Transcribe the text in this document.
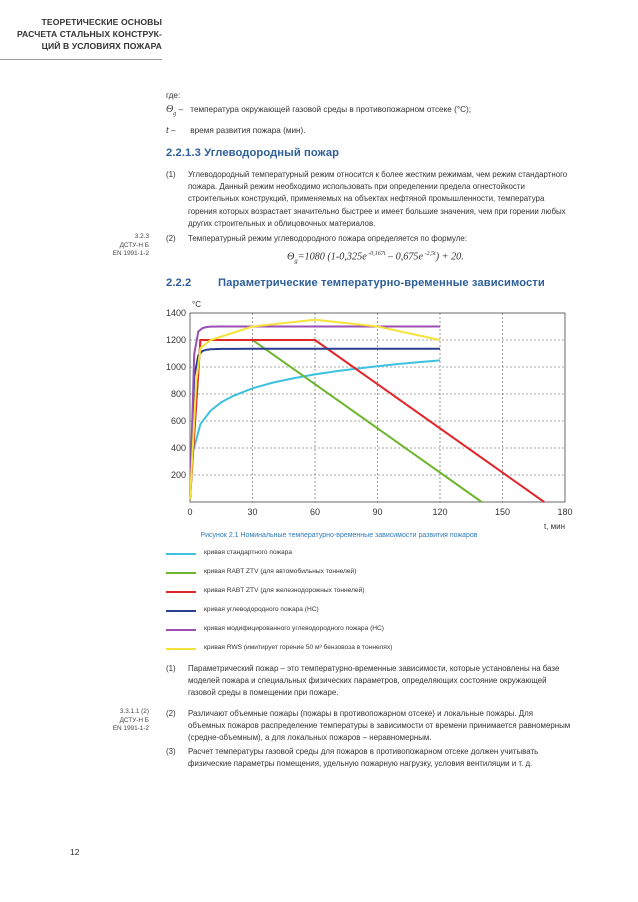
ТЕОРЕТИЧЕСКИЕ ОСНОВЫ
РАСЧЕТА СТАЛЬНЫХ КОНСТРУК-
ЦИЙ В УСЛОВИЯХ ПОЖАРА
где:
$\Theta_g$ – температура окружающей газовой среды в противопожарном отсеке (°С);
t – время развития пожара (мин).
2.2.1.3 Углеводородный пожар
(1) Углеводородный температурный режим относится к более жестким режимам, чем режим стандартного пожара. Данный режим необходимо использовать при определении предела огнестойкости строительных конструкций, применяемых на объектах нефтяной промышленности, температура горения которых возрастает значительно быстрее и имеет большие значения, чем при горении любых других строительных и облицовочных материалов.
3.2.3
ДСТУ-Н Б
EN 1991-1-2
(2) Температурный режим углеводородного пожара определяется по формуле:
$\Theta_g=1080$ (1-0,325e $^{-0,167t}$ – 0,675e $^{-2,5t}$) + 20.
2.2.2 Параметрические температурно-временные зависимости
0	30	60	90	120	150	180
200
400
600
800
1000
1200
1400
°C
t, мин
Рисунок 2.1 Номинальные температурно-временные зависимости развития пожаров
кривая стандартного пожара
кривая RABT ZTV (для автомобильных тоннелей)
кривая RABT ZTV (для железнодорожных тоннелей)
кривая углеводородного пожара (НС)
кривая модифицированного углеводородного пожара (НС)
кривая RWS (имитирует горение 50 м³ бензовоза в тоннелях)
(1) Параметрический пожар – это температурно-временные зависимости, которые установлены на базе моделей пожара и специальных физических параметров, определяющих состояние окружающей газовой среды в помещении при пожаре.
3.3.1.1 (2)
ДСТУ-Н Б
EN 1991-1-2
(2) Различают объемные пожары (пожары в противопожарном отсеке) и локальные пожары. Для объемных пожаров распределение температуры в зависимости от времени принимается равномерным (средне-объемным), а для локальных пожаров – неравномерным.
(3) Расчет температуры газовой среды для пожаров в противопожарном отсеке должен учитывать физические параметры помещения, удельную пожарную нагрузку, условия вентиляции и т. д.
12
